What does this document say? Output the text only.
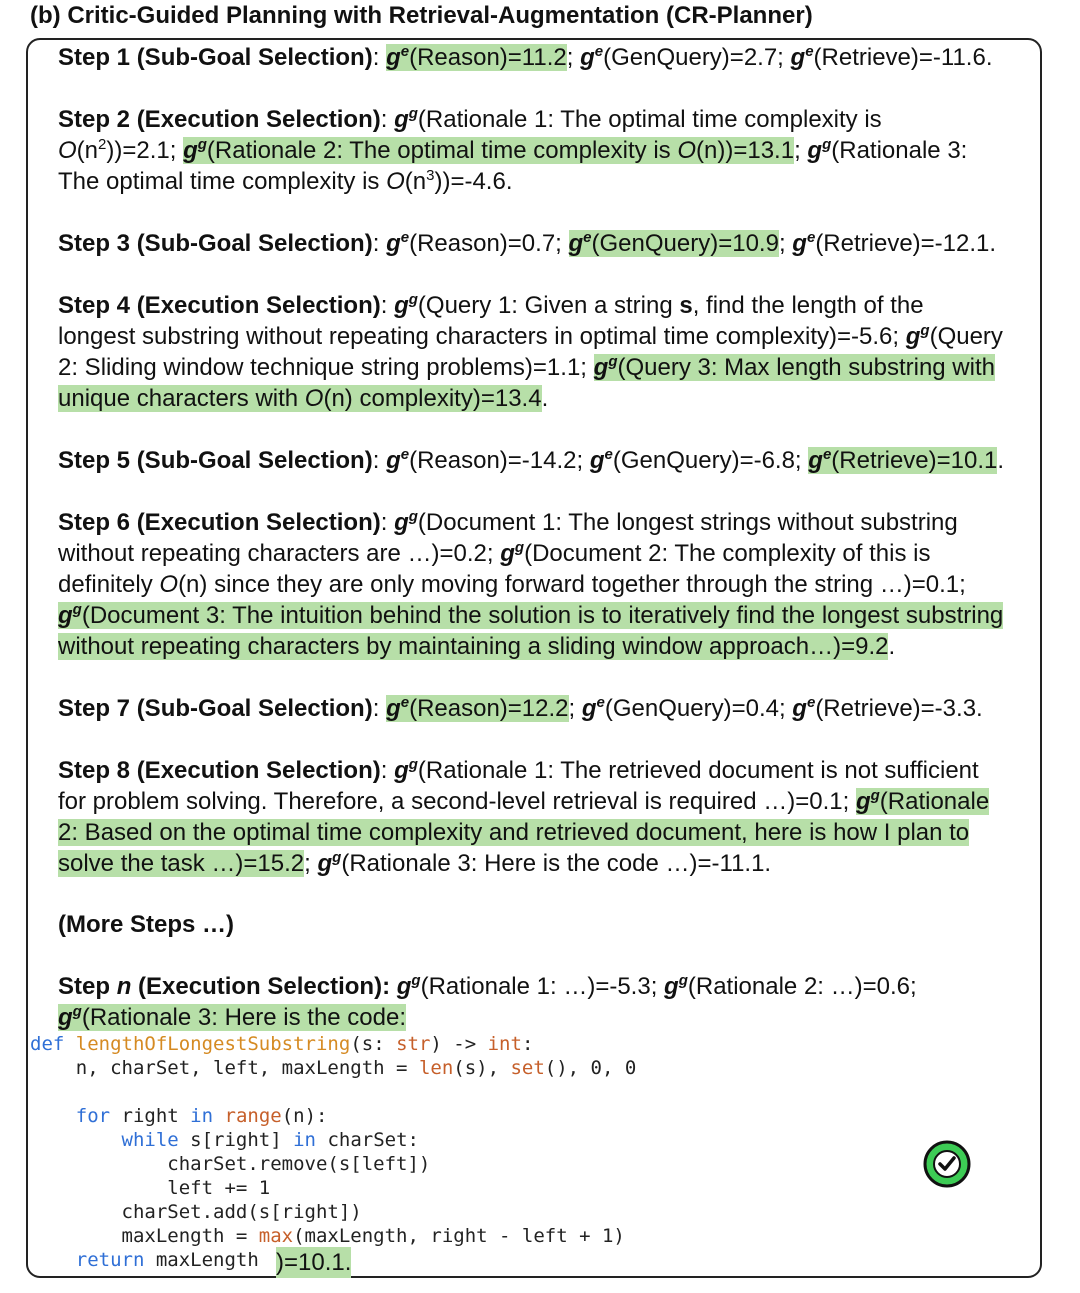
(b) Critic-Guided Planning with Retrieval-Augmentation (CR-Planner)
Step 1 (Sub-Goal Selection): $g^e(Reason)=11.2$; $g^e(GenQuery)=2.7$; $g^e(Retrieve)=-11.6$.
Step 2 (Execution Selection): $g^g(Rationale$ 1: The optimal time complexity is $O(n^2))=2.1$; $g^g(Rationale$ 2: The optimal time complexity is O(n))=13.1; $g^g(Rationale$ 3: The optimal time complexity is $O(n^3))=-4.6$.
Step 3 (Sub-Goal Selection): $g^e(Reason)=0.7$; $g^e(GenQuery)=10.9$; $g^e(Retrieve)=-12.1$.
Step 4 (Execution Selection): $g^g(Query$ 1: Given a string s, find the length of the longest substring without repeating characters in optimal time complexity)=-5.6; $g^g(Query$ 2: Sliding window technique string problems)=1.1; $g^g(Query$ 3: Max length substring with unique characters with O(n) complexity)=13.4.
Step 5 (Sub-Goal Selection): $g^e(Reason)=-14.2$; $g^e(GenQuery)=-6.8$; $g^e(Retrieve)=10.1$.
Step 6 (Execution Selection): $g^g(Document$ 1: The longest strings without substring without repeating characters are …)=0.2; $g^g(Document$ 2: The complexity of this is definitely O(n) since they are only moving forward together through the string …)=0.1; $g^g(Document$ 3: The intuition behind the solution is to iteratively find the longest substring without repeating characters by maintaining a sliding window approach…)=9.2.
Step 7 (Sub-Goal Selection): $g^e(Reason)=12.2$; $g^e(GenQuery)=0.4$; $g^e(Retrieve)=-3.3$.
Step 8 (Execution Selection): $g^g(Rationale$ 1: The retrieved document is not sufficient for problem solving. Therefore, a second-level retrieval is required …)=0.1; $g^g(Rationale$ 2: Based on the optimal time complexity and retrieved document, here is how I plan to solve the task …)=15.2; $g^g(Rationale$ 3: Here is the code …)=-11.1.
(More Steps …)
Step n (Execution Selection): $g^g(Rationale$ 1: …)=-5.3; $g^g(Rationale$ 2: …)=0.6; $g^g(Rationale$ 3: Here is the code:
def lengthOfLongestSubstring(s: str) -> int:
n, charSet, left, maxLength = len(s), set(), 0, 0

for right in range(n):
while s[right] in charSet:
charSet.remove(s[left])
left += 1
charSet.add(s[right])
maxLength = max(maxLength, right - left + 1)
return maxLength )=10.1.
